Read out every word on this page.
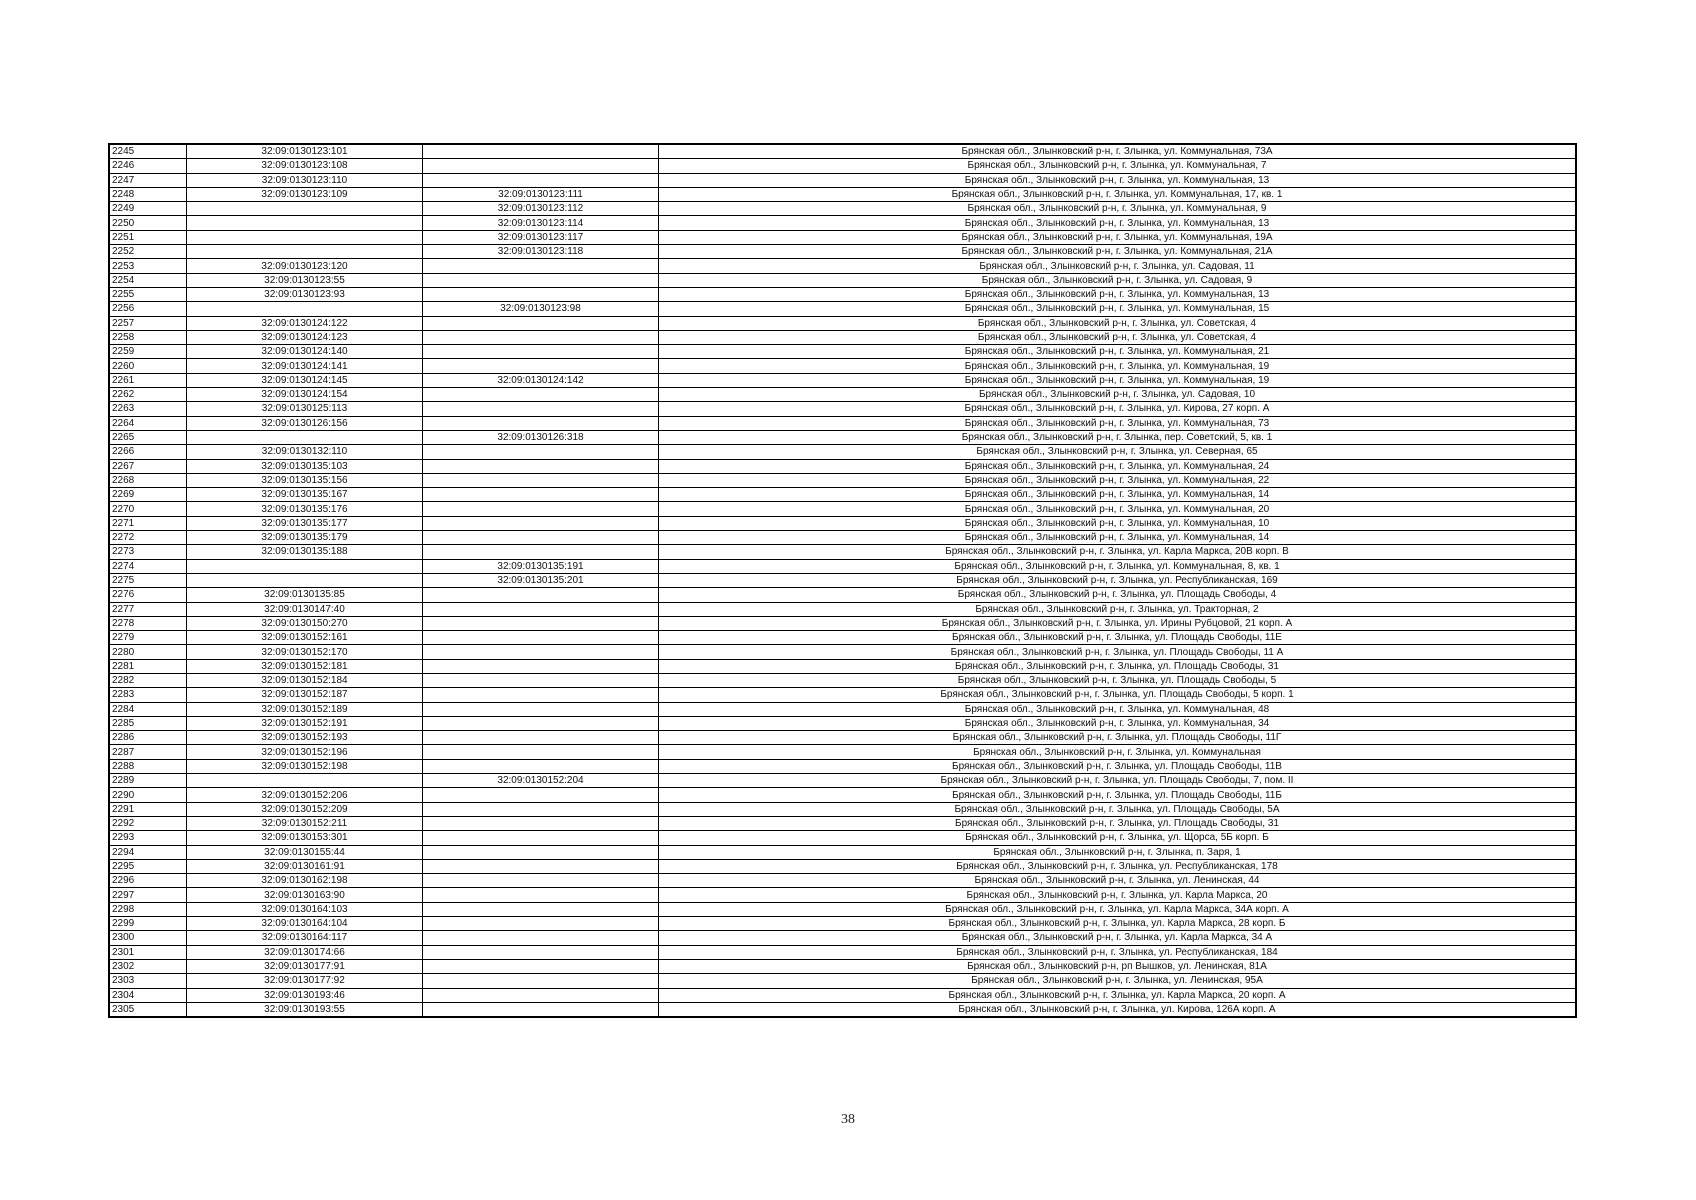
2245	32:09:0130123:101		Брянская обл., Злынковский р-н, г. Злынка, ул. Коммунальная, 73А
2246	32:09:0130123:108		Брянская обл., Злынковский р-н, г. Злынка, ул. Коммунальная, 7
2247	32:09:0130123:110		Брянская обл., Злынковский р-н, г. Злынка, ул. Коммунальная, 13
2248	32:09:0130123:109	32:09:0130123:111	Брянская обл., Злынковский р-н, г. Злынка, ул. Коммунальная, 17, кв. 1
2249		32:09:0130123:112	Брянская обл., Злынковский р-н, г. Злынка, ул. Коммунальная, 9
2250		32:09:0130123:114	Брянская обл., Злынковский р-н, г. Злынка, ул. Коммунальная, 13
2251		32:09:0130123:117	Брянская обл., Злынковский р-н, г. Злынка, ул. Коммунальная, 19А
2252		32:09:0130123:118	Брянская обл., Злынковский р-н, г. Злынка, ул. Коммунальная, 21А
2253	32:09:0130123:120		Брянская обл., Злынковский р-н, г. Злынка, ул. Садовая, 11
2254	32:09:0130123:55		Брянская обл., Злынковский р-н, г. Злынка, ул. Садовая, 9
2255	32:09:0130123:93		Брянская обл., Злынковский р-н, г. Злынка, ул. Коммунальная, 13
2256		32:09:0130123:98	Брянская обл., Злынковский р-н, г. Злынка, ул. Коммунальная, 15
2257	32:09:0130124:122		Брянская обл., Злынковский р-н, г. Злынка, ул. Советская, 4
2258	32:09:0130124:123		Брянская обл., Злынковский р-н, г. Злынка, ул. Советская, 4
2259	32:09:0130124:140		Брянская обл., Злынковский р-н, г. Злынка, ул. Коммунальная, 21
2260	32:09:0130124:141		Брянская обл., Злынковский р-н, г. Злынка, ул. Коммунальная, 19
2261	32:09:0130124:145	32:09:0130124:142	Брянская обл., Злынковский р-н, г. Злынка, ул. Коммунальная, 19
2262	32:09:0130124:154		Брянская обл., Злынковский р-н, г. Злынка, ул. Садовая, 10
2263	32:09:0130125:113		Брянская обл., Злынковский р-н, г. Злынка, ул. Кирова, 27 корп. А
2264	32:09:0130126:156		Брянская обл., Злынковский р-н, г. Злынка, ул. Коммунальная, 73
2265		32:09:0130126:318	Брянская обл., Злынковский р-н, г. Злынка, пер. Советский, 5, кв. 1
2266	32:09:0130132:110		Брянская обл., Злынковский р-н, г. Злынка, ул. Северная, 65
2267	32:09:0130135:103		Брянская обл., Злынковский р-н, г. Злынка, ул. Коммунальная, 24
2268	32:09:0130135:156		Брянская обл., Злынковский р-н, г. Злынка, ул. Коммунальная, 22
2269	32:09:0130135:167		Брянская обл., Злынковский р-н, г. Злынка, ул. Коммунальная, 14
2270	32:09:0130135:176		Брянская обл., Злынковский р-н, г. Злынка, ул. Коммунальная, 20
2271	32:09:0130135:177		Брянская обл., Злынковский р-н, г. Злынка, ул. Коммунальная, 10
2272	32:09:0130135:179		Брянская обл., Злынковский р-н, г. Злынка, ул. Коммунальная, 14
2273	32:09:0130135:188		Брянская обл., Злынковский р-н, г. Злынка, ул. Карла Маркса, 20В корп. В
2274		32:09:0130135:191	Брянская обл., Злынковский р-н, г. Злынка, ул. Коммунальная, 8, кв. 1
2275		32:09:0130135:201	Брянская обл., Злынковский р-н, г. Злынка, ул. Республиканская, 169
2276	32:09:0130135:85		Брянская обл., Злынковский р-н, г. Злынка, ул. Площадь Свободы, 4
2277	32:09:0130147:40		Брянская обл., Злынковский р-н, г. Злынка, ул. Тракторная, 2
2278	32:09:0130150:270		Брянская обл., Злынковский р-н, г. Злынка, ул. Ирины Рубцовой, 21 корп. А
2279	32:09:0130152:161		Брянская обл., Злынковский р-н, г. Злынка, ул. Площадь Свободы, 11Е
2280	32:09:0130152:170		Брянская обл., Злынковский р-н, г. Злынка, ул. Площадь Свободы, 11 А
2281	32:09:0130152:181		Брянская обл., Злынковский р-н, г. Злынка, ул. Площадь Свободы, 31
2282	32:09:0130152:184		Брянская обл., Злынковский р-н, г. Злынка, ул. Площадь Свободы, 5
2283	32:09:0130152:187		Брянская обл., Злынковский р-н, г. Злынка, ул. Площадь Свободы, 5 корп. 1
2284	32:09:0130152:189		Брянская обл., Злынковский р-н, г. Злынка, ул. Коммунальная, 48
2285	32:09:0130152:191		Брянская обл., Злынковский р-н, г. Злынка, ул. Коммунальная, 34
2286	32:09:0130152:193		Брянская обл., Злынковский р-н, г. Злынка, ул. Площадь Свободы, 11Г
2287	32:09:0130152:196		Брянская обл., Злынковский р-н, г. Злынка, ул. Коммунальная
2288	32:09:0130152:198		Брянская обл., Злынковский р-н, г. Злынка, ул. Площадь Свободы, 11В
2289		32:09:0130152:204	Брянская обл., Злынковский р-н, г. Злынка, ул. Площадь Свободы, 7, пом. II
2290	32:09:0130152:206		Брянская обл., Злынковский р-н, г. Злынка, ул. Площадь Свободы, 11Б
2291	32:09:0130152:209		Брянская обл., Злынковский р-н, г. Злынка, ул. Площадь Свободы, 5А
2292	32:09:0130152:211		Брянская обл., Злынковский р-н, г. Злынка, ул. Площадь Свободы, 31
2293	32:09:0130153:301		Брянская обл., Злынковский р-н, г. Злынка, ул. Щорса, 5Б корп. Б
2294	32:09:0130155:44		Брянская обл., Злынковский р-н, г. Злынка, п. Заря, 1
2295	32:09:0130161:91		Брянская обл., Злынковский р-н, г. Злынка, ул. Республиканская, 178
2296	32:09:0130162:198		Брянская обл., Злынковский р-н, г. Злынка, ул. Ленинская, 44
2297	32:09:0130163:90		Брянская обл., Злынковский р-н, г. Злынка, ул. Карла Маркса, 20
2298	32:09:0130164:103		Брянская обл., Злынковский р-н, г. Злынка, ул. Карла Маркса, 34А корп. А
2299	32:09:0130164:104		Брянская обл., Злынковский р-н, г. Злынка, ул. Карла Маркса, 28 корп. Б
2300	32:09:0130164:117		Брянская обл., Злынковский р-н, г. Злынка, ул. Карла Маркса, 34 А
2301	32:09:0130174:66		Брянская обл., Злынковский р-н, г. Злынка, ул. Республиканская, 184
2302	32:09:0130177:91		Брянская обл., Злынковский р-н, рп Вышков, ул. Ленинская, 81А
2303	32:09:0130177:92		Брянская обл., Злынковский р-н, г. Злынка, ул. Ленинская, 95А
2304	32:09:0130193:46		Брянская обл., Злынковский р-н, г. Злынка, ул. Карла Маркса, 20 корп. А
2305	32:09:0130193:55		Брянская обл., Злынковский р-н, г. Злынка, ул. Кирова, 126А корп. А
38
